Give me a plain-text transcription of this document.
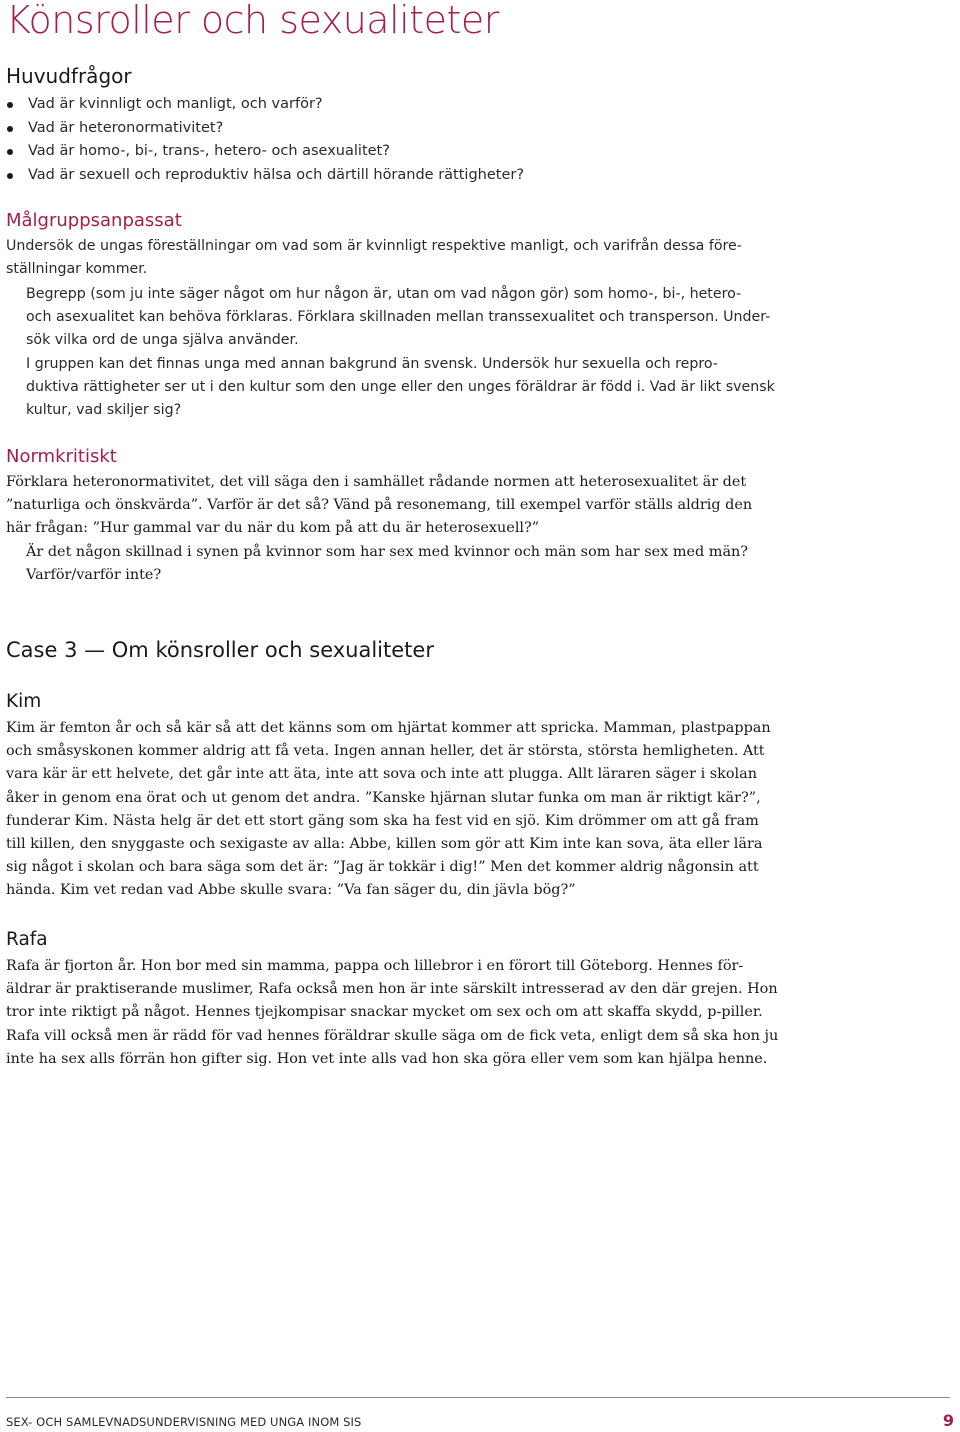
Könsroller och sexualiteter
Huvudfrågor
Vad är kvinnligt och manligt, och varför?
Vad är heteronormativitet?
Vad är homo-, bi-, trans-, hetero- och asexualitet?
Vad är sexuell och reproduktiv hälsa och därtill hörande rättigheter?
Målgruppsanpassat

Undersök de ungas föreställningar om vad som är kvinnligt respektive manligt, och varifrån dessa före-
ställningar kommer.

Begrepp (som ju inte säger något om hur någon är, utan om vad någon gör) som homo-, bi-, hetero-
och asexualitet kan behöva förklaras. Förklara skillnaden mellan transsexualitet och transperson. Under-
sök vilka ord de unga själva använder.

I gruppen kan det finnas unga med annan bakgrund än svensk. Undersök hur sexuella och repro-
duktiva rättigheter ser ut i den kultur som den unge eller den unges föräldrar är född i. Vad är likt svensk
kultur, vad skiljer sig?

Normkritiskt

Förklara heteronormativitet, det vill säga den i samhället rådande normen att heterosexualitet är det
”naturliga och önskvärda”. Varför är det så? Vänd på resonemang, till exempel varför ställs aldrig den
här frågan: ”Hur gammal var du när du kom på att du är heterosexuell?”

Är det någon skillnad i synen på kvinnor som har sex med kvinnor och män som har sex med män?
Varför/varför inte?

Case 3 — Om könsroller och sexualiteter
Kim

Kim är femton år och så kär så att det känns som om hjärtat kommer att spricka. Mamman, plastpappan
och småsyskonen kommer aldrig att få veta. Ingen annan heller, det är största, största hemligheten. Att
vara kär är ett helvete, det går inte att äta, inte att sova och inte att plugga. Allt läraren säger i skolan
åker in genom ena örat och ut genom det andra. ”Kanske hjärnan slutar funka om man är riktigt kär?”,
funderar Kim. Nästa helg är det ett stort gäng som ska ha fest vid en sjö. Kim drömmer om att gå fram
till killen, den snyggaste och sexigaste av alla: Abbe, killen som gör att Kim inte kan sova, äta eller lära
sig något i skolan och bara säga som det är: ”Jag är tokkär i dig!” Men det kommer aldrig någonsin att
hända. Kim vet redan vad Abbe skulle svara: ”Va fan säger du, din jävla bög?”

Rafa

Rafa är fjorton år. Hon bor med sin mamma, pappa och lillebror i en förort till Göteborg. Hennes för-
äldrar är praktiserande muslimer, Rafa också men hon är inte särskilt intresserad av den där grejen. Hon
tror inte riktigt på något. Hennes tjejkompisar snackar mycket om sex och om att skaffa skydd, p-piller.
Rafa vill också men är rädd för vad hennes föräldrar skulle säga om de fick veta, enligt dem så ska hon ju
inte ha sex alls förrän hon gifter sig. Hon vet inte alls vad hon ska göra eller vem som kan hjälpa henne.

SEX- OCH SAMLEVNADSUNDERVISNING MED UNGA INOM SIS	9
